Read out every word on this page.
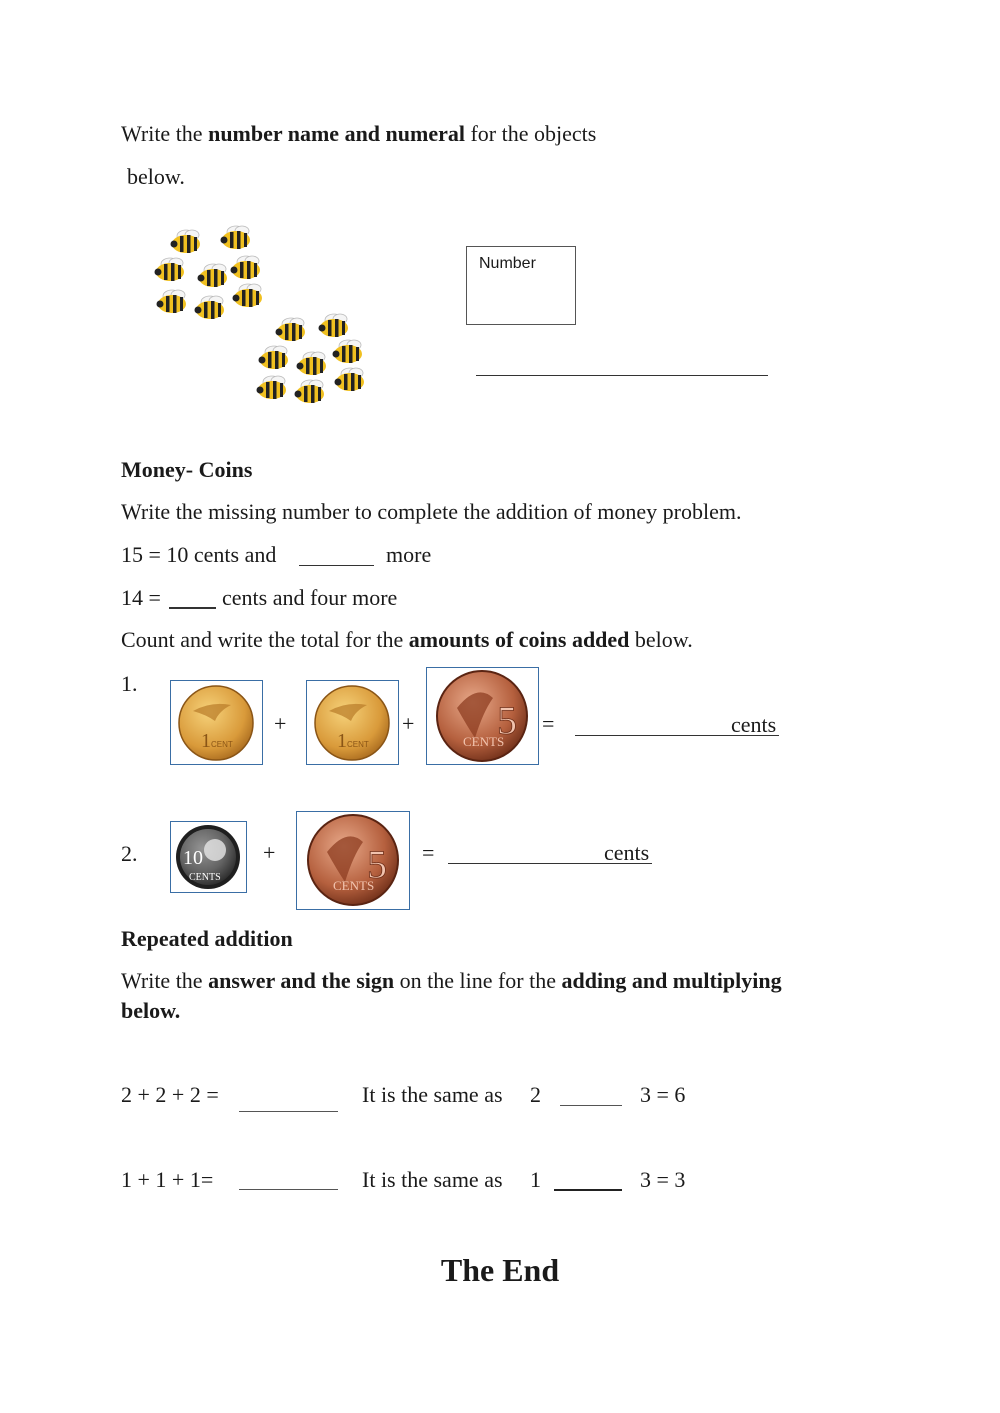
Write the number name and numeral for the objects
below.
Number
Money- Coins
Write the missing number to complete the addition of money problem.
15 = 10 cents and	more
14 =	cents and four more
Count and write the total for the amounts of coins added below.
1.
1 CENT
+
1 CENT
+ 5
CENTS
=	cents
2. 10
CENTS
+ 5
CENTS
=	cents
Repeated addition
Write the answer and the sign on the line for the adding and multiplying
below.
2 + 2 + 2 =	It is the same as 2	3 = 6
1 + 1 + 1=	It is the same as 1	3 = 3
The End
